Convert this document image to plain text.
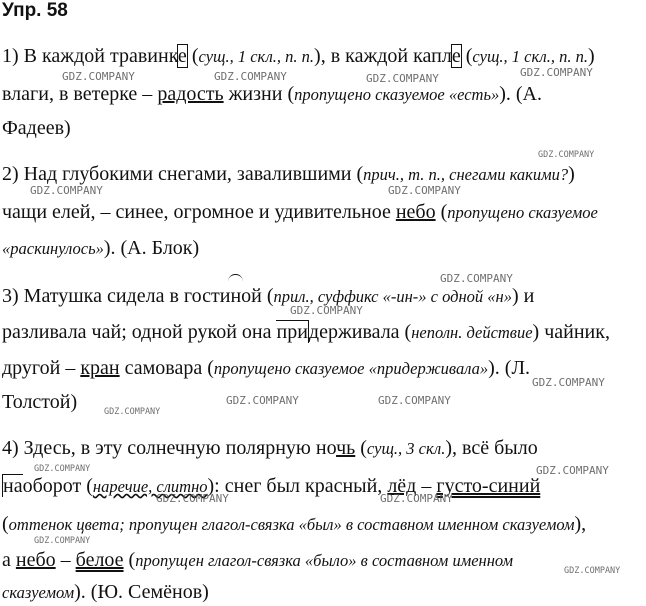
Упр. 58
1) В каждой травинке (сущ., 1 скл., п. п.), в каждой капле (сущ., 1 скл., п. п.)
влаги, в ветерке – радость жизни (пропущено сказуемое «есть»). (А.
Фадеев)
2) Над глубокими снегами, завалившими (прич., т. п., снегами какими?)
чащи елей, – синее, огромное и удивительное небо (пропущено сказуемое
«раскинулось»). (А. Блок)
3) Матушка сидела в гостиной (прил., суффикс «-ин-» с одной «н») и
разливала чай; одной рукой она придерживала (неполн. действие) чайник,
другой – кран самовара (пропущено сказуемое «придерживала»). (Л.
Толстой)
4) Здесь, в эту солнечную полярную ночь (сущ., 3 скл.), всё было
наоборот (наречие, слитно): снег был красный, лёд – густо-синий
(оттенок цвета; пропущен глагол-связка «был» в составном именном сказуемом),
а небо – белое (пропущен глагол-связка «было» в составном именном
сказуемом). (Ю. Семёнов)
GDZ.COMPANY	GDZ.COMPANY	GDZ.COMPANY	GDZ.COMPANY
GDZ.COMPANY
GDZ.COMPANY	GDZ.COMPANY
GDZ.COMPANY
GDZ.COMPANY
GDZ.COMPANY
GDZ.COMPANY
GDZ.COMPANY	GDZ.COMPANY
GDZ.COMPANY	GDZ.COMPANY
GDZ.COMPANY	GDZ.COMPANY
GDZ.COMPANY
GDZ.COMPANY
